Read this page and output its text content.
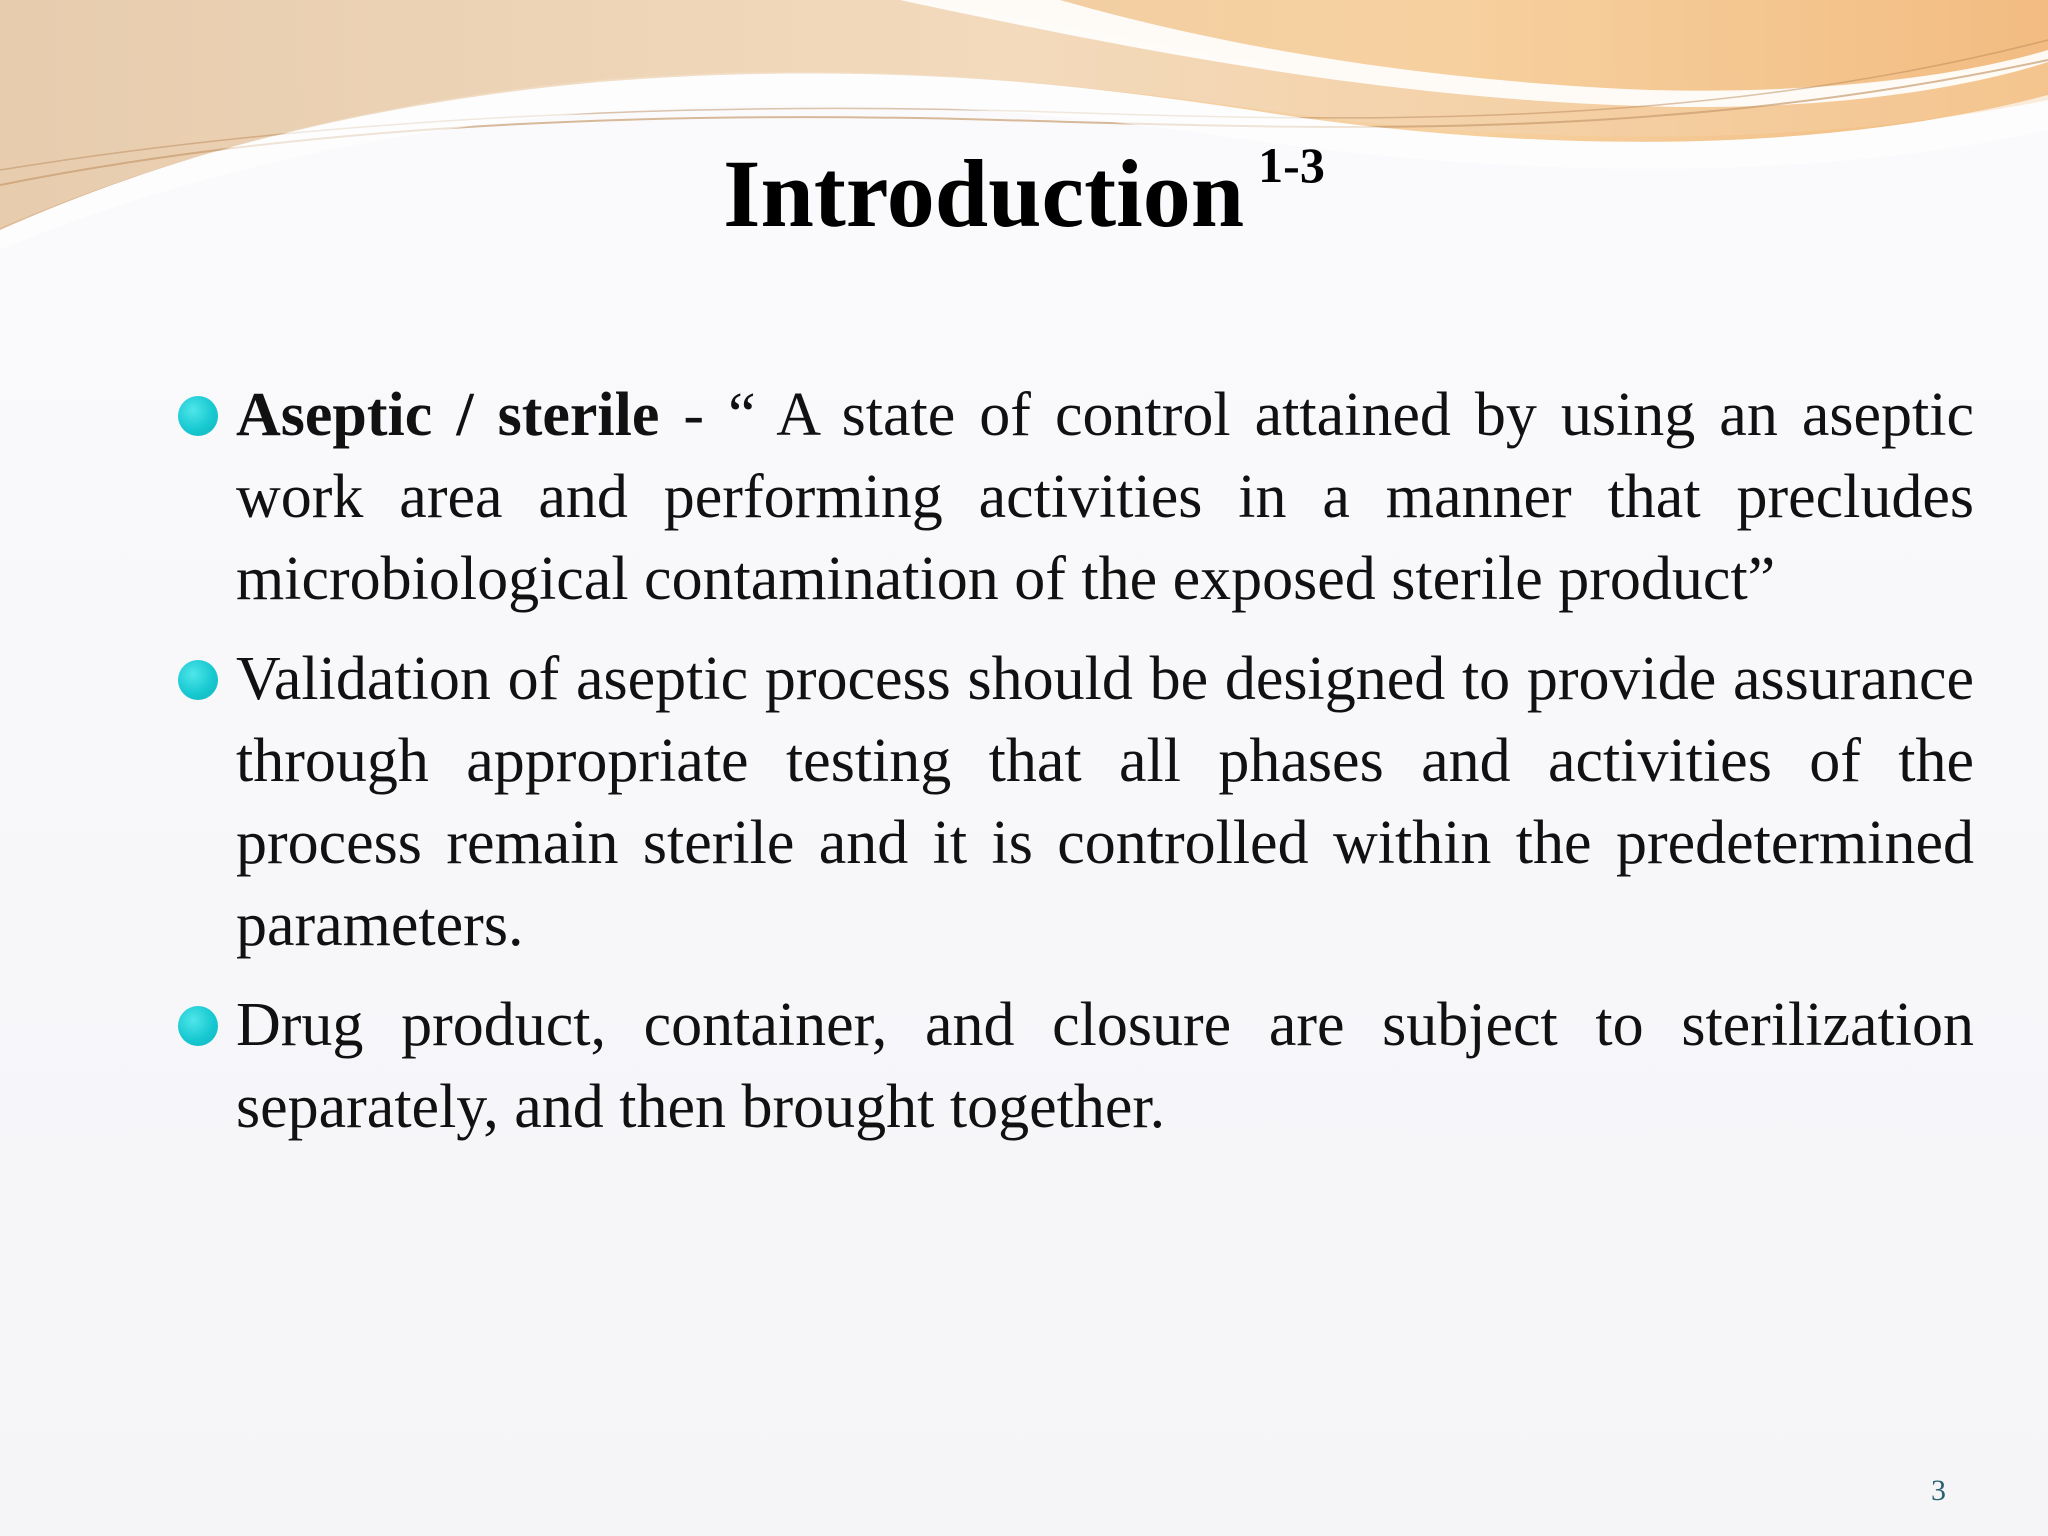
Introduction $^{1-3}$
Aseptic / sterile - “ A state of control attained by using an aseptic work area and performing activities in a manner that precludes microbiological contamination of the exposed sterile product”
Validation of aseptic process should be designed to provide assurance through appropriate testing that all phases and activities of the process remain sterile and it is controlled within the predetermined parameters.
Drug product, container, and closure are subject to sterilization separately, and then brought together.
3
